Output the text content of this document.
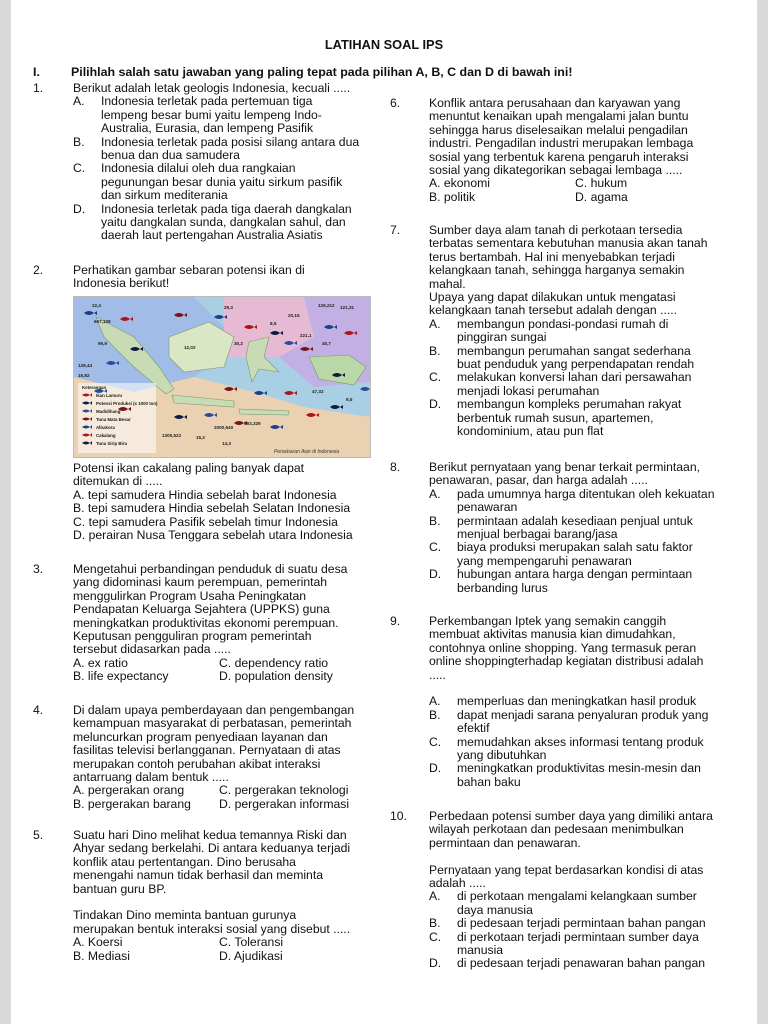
LATIHAN SOAL IPS
I.	Pilihlah salah satu jawaban yang paling tepat pada pilihan A, B, C dan D di bawah ini!
1. Berikut adalah letak geologis Indonesia, kecuali .....
A. Indonesia terletak pada pertemuan tiga
lempeng besar bumi yaitu lempeng Indo-
Australia, Eurasia, dan lempeng Pasifik
B. Indonesia terletak pada posisi silang antara dua
benua dan dua samudera
C. Indonesia dilalui oleh dua rangkaian
pegunungan besar dunia yaitu sirkum pasifik
dan sirkum mediterania
D. Indonesia terletak pada tiga daerah dangkalan
yaitu dangkalan sunda, dangkalan sahul, dan
daerah laut pertengahan Australia Asiatis
2. Perhatikan gambar sebaran potensi ikan di
Indonesia berikut!
22,4
667,128
95,9
128,44
15,82
29,3
12,02
8,5
30,2	40,7
221,1
126,212 121,31
20,15
1300,522
2000,640
593,329
15,2
14,3
47,32
9,5
Keterangan
Ikan Lamuru
Potensi Produksi (x 1000 ton)
Madidihang
Tuna Mata Besar
Albakora
Cakalang
Tuna Sirip Biru
Persebaran Ikan di Indonesia
Potensi ikan cakalang paling banyak dapat
ditemukan di .....
A. tepi samudera Hindia sebelah barat Indonesia
B. tepi samudera Hindia sebelah Selatan Indonesia
C. tepi samudera Pasifik sebelah timur Indonesia
D. perairan Nusa Tenggara sebelah utara Indonesia
3. Mengetahui perbandingan penduduk di suatu desa
yang didominasi kaum perempuan, pemerintah
menggulirkan Program Usaha Peningkatan
Pendapatan Keluarga Sejahtera (UPPKS) guna
meningkatkan produktivitas ekonomi perempuan.
Keputusan pengguliran program pemerintah
tersebut didasarkan pada .....
A. ex ratio	C. dependency ratio
B. life expectancy	D. population density
4. Di dalam upaya pemberdayaan dan pengembangan
kemampuan masyarakat di perbatasan, pemerintah
meluncurkan program penyediaan layanan dan
fasilitas televisi berlangganan. Pernyataan di atas
merupakan contoh perubahan akibat interaksi
antarruang dalam bentuk .....
A. pergerakan orang	C. pergerakan teknologi
B. pergerakan barang D. pergerakan informasi
5. Suatu hari Dino melihat kedua temannya Riski dan
Ahyar sedang berkelahi. Di antara keduanya terjadi
konflik atau pertentangan. Dino berusaha
menengahi namun tidak berhasil dan meminta
bantuan guru BP.
Tindakan Dino meminta bantuan gurunya
merupakan bentuk interaksi sosial yang disebut .....
A. Koersi	C. Toleransi
B. Mediasi	D. Ajudikasi
6. Konflik antara perusahaan dan karyawan yang
menuntut kenaikan upah mengalami jalan buntu
sehingga harus diselesaikan melalui pengadilan
industri. Pengadilan industri merupakan lembaga
sosial yang terbentuk karena pengaruh interaksi
sosial yang dikategorikan sebagai lembaga .....
A. ekonomi	C. hukum
B. politik	D. agama
7. Sumber daya alam tanah di perkotaan tersedia
terbatas sementara kebutuhan manusia akan tanah
terus bertambah. Hal ini menyebabkan terjadi
kelangkaan tanah, sehingga harganya semakin
mahal.
Upaya yang dapat dilakukan untuk mengatasi
kelangkaan tanah tersebut adalah dengan .....
A. membangun pondasi-pondasi rumah di
pinggiran sungai
B. membangun perumahan sangat sederhana
buat penduduk yang perpendapatan rendah
C. melakukan konversi lahan dari persawahan
menjadi lokasi perumahan
D. membangun kompleks perumahan rakyat
berbentuk rumah susun, apartemen,
kondominium, atau pun flat
8. Berikut pernyataan yang benar terkait permintaan,
penawaran, pasar, dan harga adalah .....
A. pada umumnya harga ditentukan oleh kekuatan
penawaran
B. permintaan adalah kesediaan penjual untuk
menjual berbagai barang/jasa
C. biaya produksi merupakan salah satu faktor
yang mempengaruhi penawaran
D. hubungan antara harga dengan permintaan
berbanding lurus
9. Perkembangan Iptek yang semakin canggih
membuat aktivitas manusia kian dimudahkan,
contohnya online shopping. Yang termasuk peran
online shoppingterhadap kegiatan distribusi adalah
.....
A. memperluas dan meningkatkan hasil produk
B. dapat menjadi sarana penyaluran produk yang
efektif
C. memudahkan akses informasi tentang produk
yang dibutuhkan
D. meningkatkan produktivitas mesin-mesin dan
bahan baku
10. Perbedaan potensi sumber daya yang dimiliki antara
wilayah perkotaan dan pedesaan menimbulkan
permintaan dan penawaran.
Pernyataan yang tepat berdasarkan kondisi di atas
adalah .....
A. di perkotaan mengalami kelangkaan sumber
daya manusia
B. di pedesaan terjadi permintaan bahan pangan
C. di perkotaan terjadi permintaan sumber daya
manusia
D. di pedesaan terjadi penawaran bahan pangan
